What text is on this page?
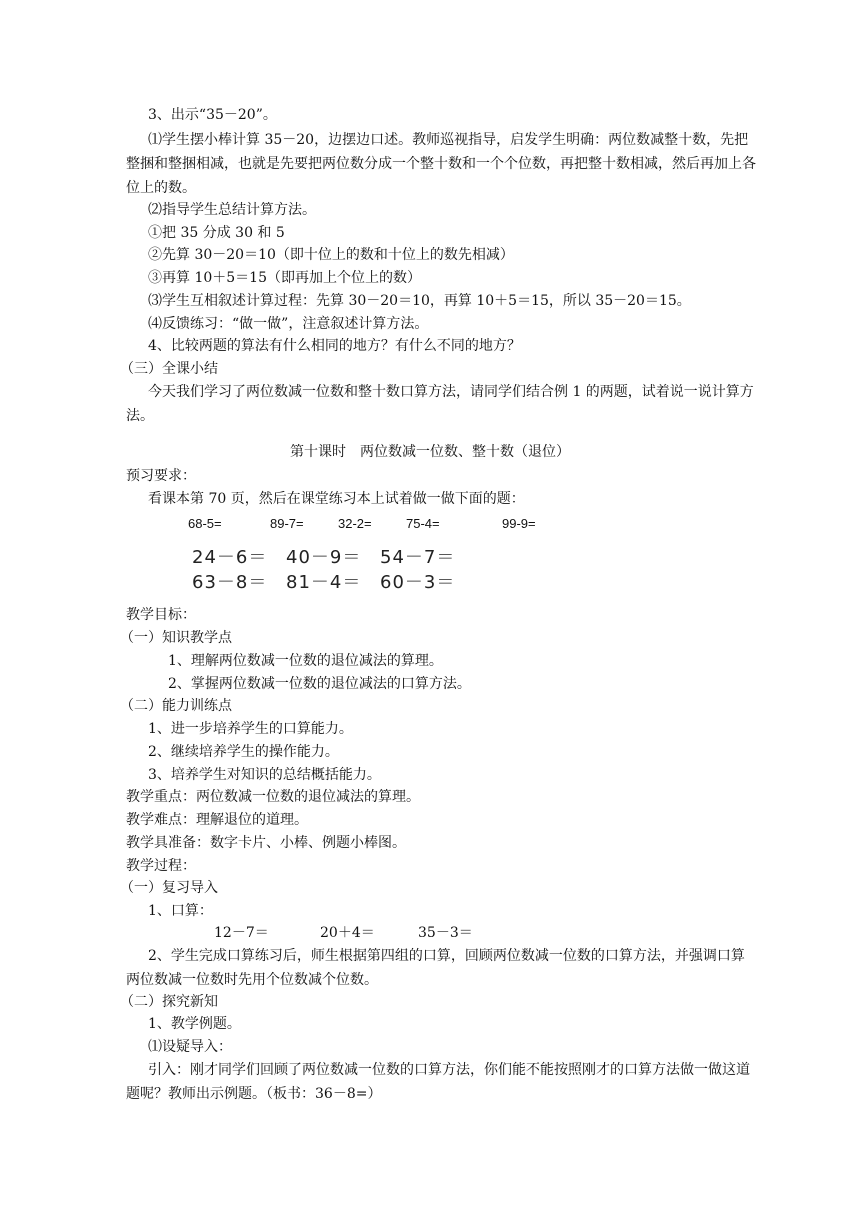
3、出示“35－20”。
⑴学生摆小棒计算 35－20，边摆边口述。教师巡视指导，启发学生明确：两位数减整十数，先把整捆和整捆相减，也就是先要把两位数分成一个整十数和一个个位数，再把整十数相减，然后再加上各位上的数。
⑵指导学生总结计算方法。
①把 35 分成 30 和 5
②先算 30－20＝10（即十位上的数和十位上的数先相减）
③再算 10＋5＝15（即再加上个位上的数）
⑶学生互相叙述计算过程：先算 30－20＝10，再算 10＋5＝15，所以 35－20＝15。
⑷反馈练习：“做一做”，注意叙述计算方法。
4、比较两题的算法有什么相同的地方？有什么不同的地方？
（三）全课小结
今天我们学习了两位数减一位数和整十数口算方法，请同学们结合例 1 的两题，试着说一说计算方法。
第十课时　两位数减一位数、整十数（退位）
预习要求：
看课本第 70 页，然后在课堂练习本上试着做一做下面的题：
68-5=	89-7=	32-2=	75-4=	99-9=
24－6＝ 40－9＝ 54－7＝
63－8＝ 81－4＝ 60－3＝
教学目标：
（一）知识教学点
1、理解两位数减一位数的退位减法的算理。
2、掌握两位数减一位数的退位减法的口算方法。
（二）能力训练点
1、进一步培养学生的口算能力。
2、继续培养学生的操作能力。
3、培养学生对知识的总结概括能力。
教学重点：两位数减一位数的退位减法的算理。
教学难点：理解退位的道理。
教学具准备：数字卡片、小棒、例题小棒图。
教学过程：
（一）复习导入
1、口算：
12－7＝	20＋4＝	35－3＝
2、学生完成口算练习后，师生根据第四组的口算，回顾两位数减一位数的口算方法，并强调口算两位数减一位数时先用个位数减个位数。
（二）探究新知
1、教学例题。
⑴设疑导入：
引入：刚才同学们回顾了两位数减一位数的口算方法，你们能不能按照刚才的口算方法做一做这道题呢？教师出示例题。（板书：36－8=）
